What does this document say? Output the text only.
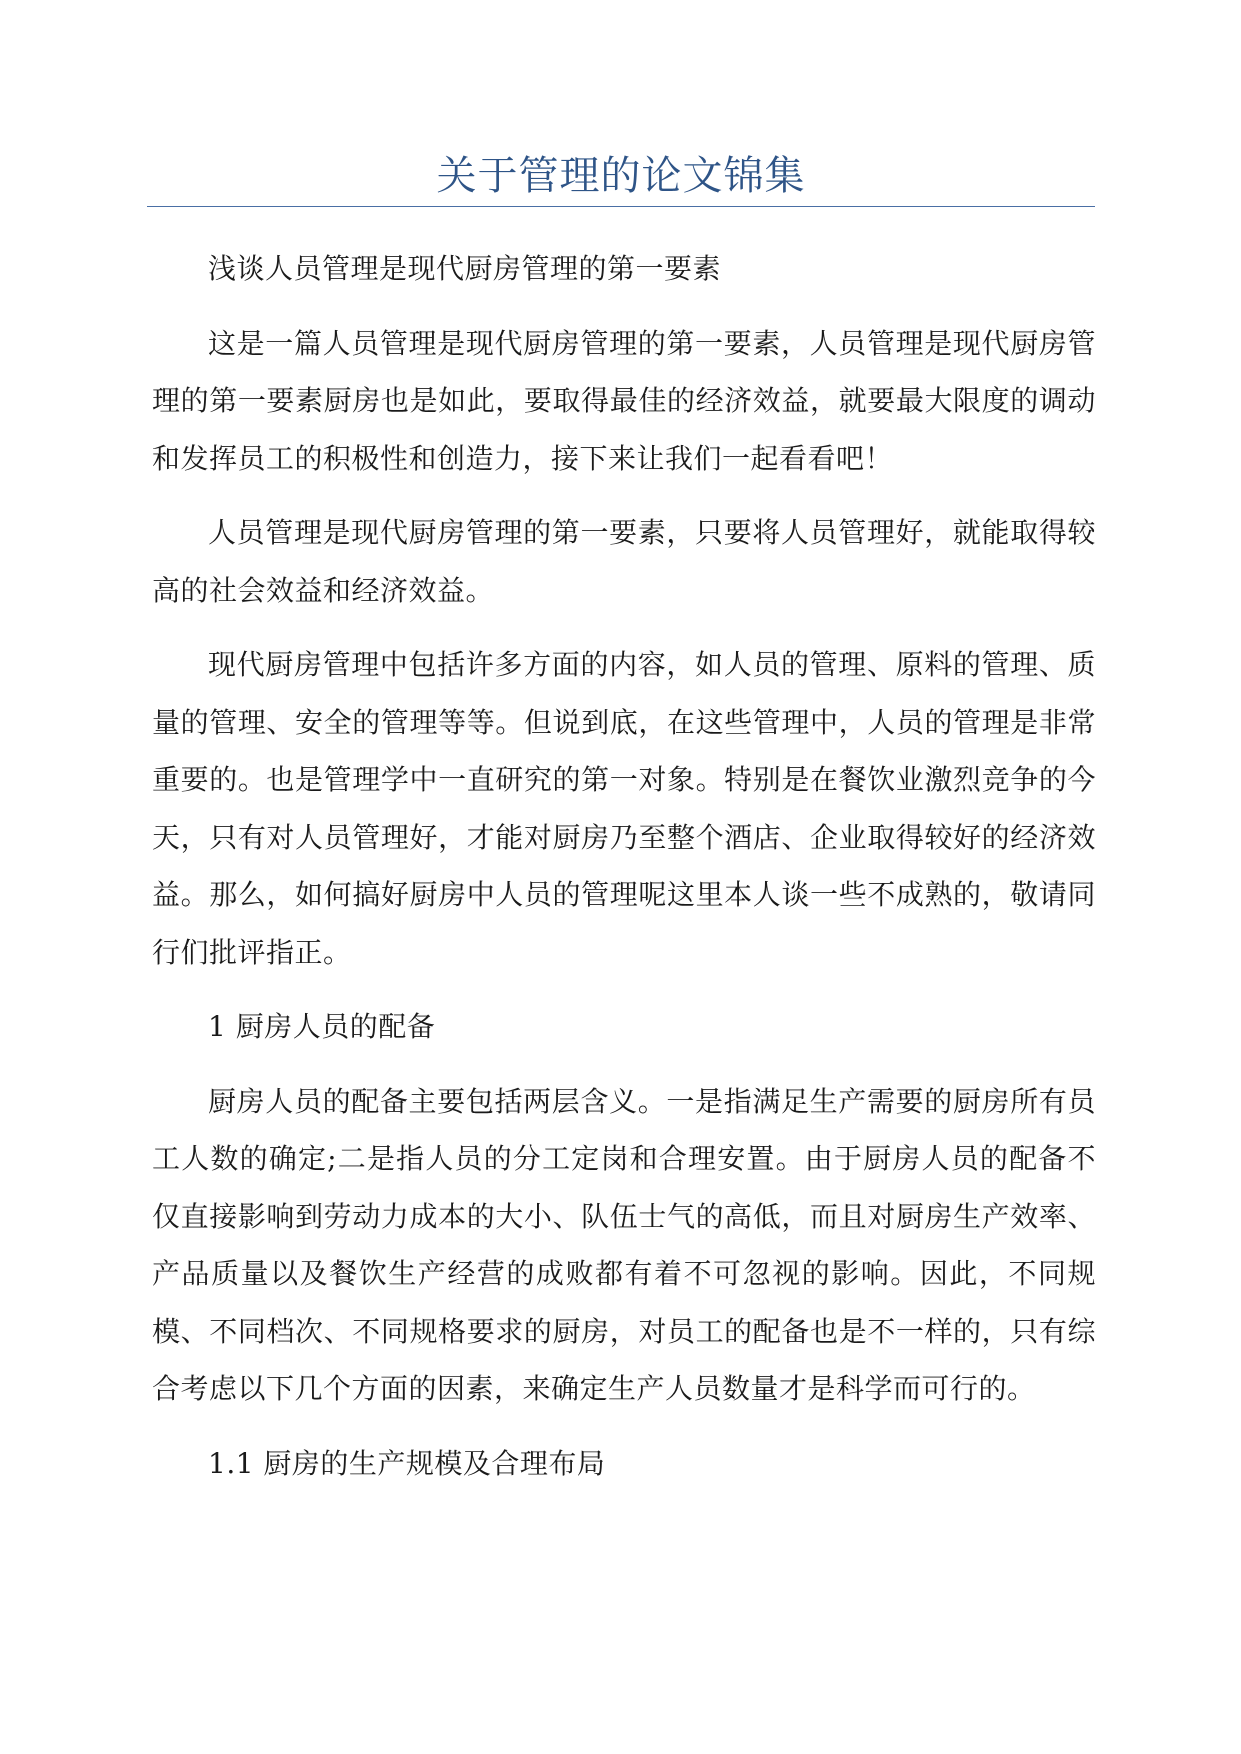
关于管理的论文锦集

浅谈人员管理是现代厨房管理的第一要素

这是一篇人员管理是现代厨房管理的第一要素，人员管理是现代厨房管理的第一要素厨房也是如此，要取得最佳的经济效益，就要最大限度的调动和发挥员工的积极性和创造力，接下来让我们一起看看吧！

人员管理是现代厨房管理的第一要素，只要将人员管理好，就能取得较高的社会效益和经济效益。

现代厨房管理中包括许多方面的内容，如人员的管理、原料的管理、质量的管理、安全的管理等等。但说到底，在这些管理中，人员的管理是非常重要的。也是管理学中一直研究的第一对象。特别是在餐饮业激烈竞争的今天，只有对人员管理好，才能对厨房乃至整个酒店、企业取得较好的经济效益。那么，如何搞好厨房中人员的管理呢这里本人谈一些不成熟的，敬请同行们批评指正。

1 厨房人员的配备

厨房人员的配备主要包括两层含义。一是指满足生产需要的厨房所有员工人数的确定;二是指人员的分工定岗和合理安置。由于厨房人员的配备不仅直接影响到劳动力成本的大小、队伍士气的高低，而且对厨房生产效率、产品质量以及餐饮生产经营的成败都有着不可忽视的影响。因此，不同规模、不同档次、不同规格要求的厨房，对员工的配备也是不一样的，只有综合考虑以下几个方面的因素，来确定生产人员数量才是科学而可行的。

1.1 厨房的生产规模及合理布局
